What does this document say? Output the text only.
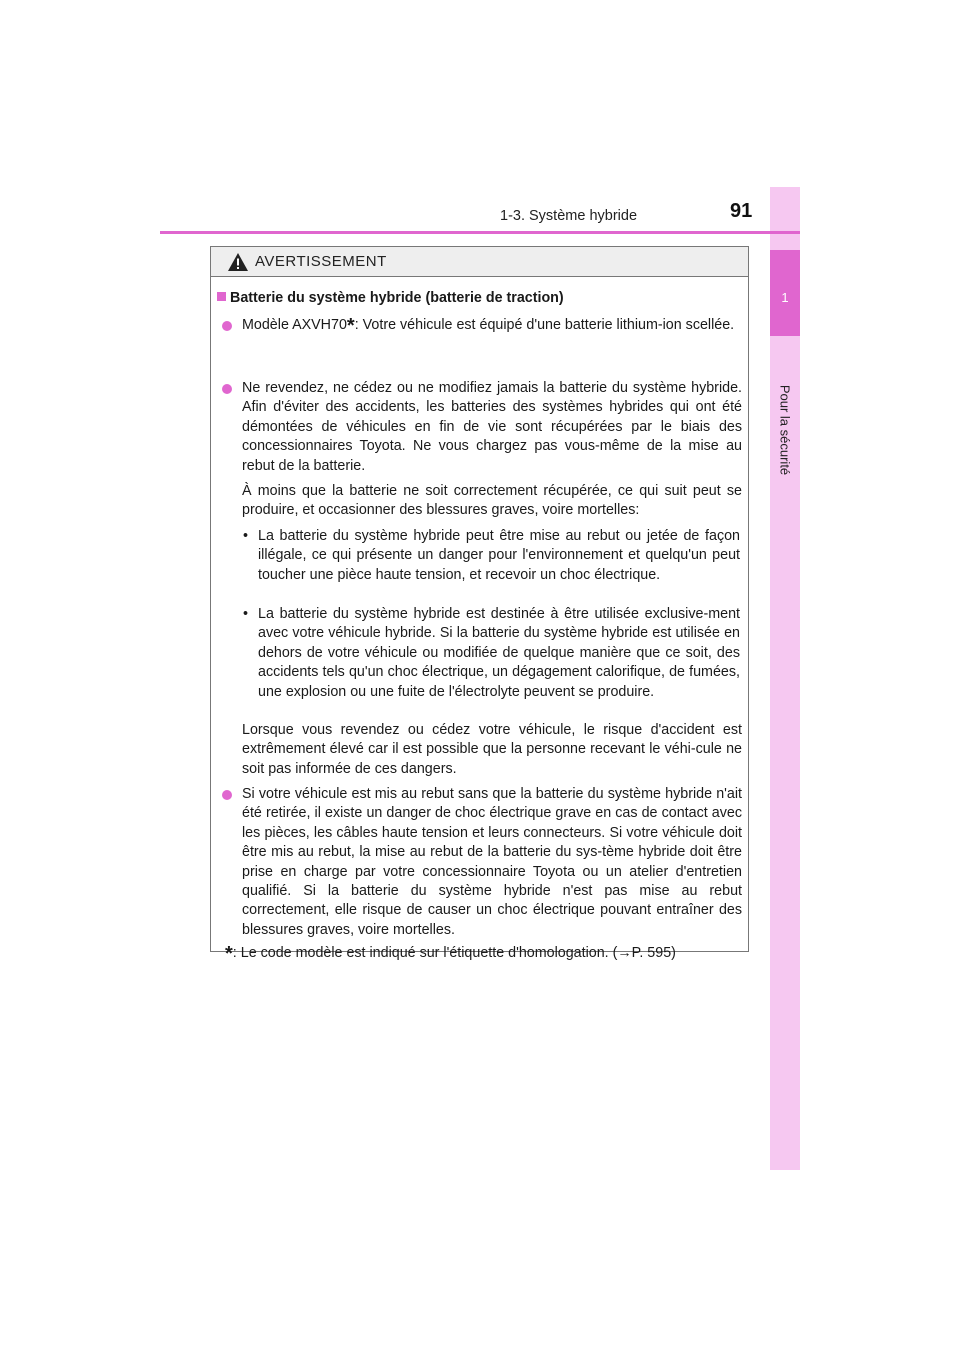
1
Pour la sécurité
1-3. Système hybride	91
AVERTISSEMENT

Batterie du système hybride (batterie de traction)

Modèle AXVH70*: Votre véhicule est équipé d'une batterie lithium-ion scellée.

Ne revendez, ne cédez ou ne modifiez jamais la batterie du système hybride. Afin d'éviter des accidents, les batteries des systèmes hybrides qui ont été démontées de véhicules en fin de vie sont récupérées par le biais des concessionnaires Toyota. Ne vous chargez pas vous-même de la mise au rebut de la batterie.

À moins que la batterie ne soit correctement récupérée, ce qui suit peut se produire, et occasionner des blessures graves, voire mortelles:

• La batterie du système hybride peut être mise au rebut ou jetée de façon illégale, ce qui présente un danger pour l'environnement et quelqu'un peut toucher une pièce haute tension, et recevoir un choc électrique.

• La batterie du système hybride est destinée à être utilisée exclusive-ment avec votre véhicule hybride. Si la batterie du système hybride est utilisée en dehors de votre véhicule ou modifiée de quelque manière que ce soit, des accidents tels qu'un choc électrique, un dégagement calorifique, de fumées, une explosion ou une fuite de l'électrolyte peuvent se produire.

Lorsque vous revendez ou cédez votre véhicule, le risque d'accident est extrêmement élevé car il est possible que la personne recevant le véhi-cule ne soit pas informée de ces dangers.

Si votre véhicule est mis au rebut sans que la batterie du système hybride n'ait été retirée, il existe un danger de choc électrique grave en cas de contact avec les pièces, les câbles haute tension et leurs connecteurs. Si votre véhicule doit être mis au rebut, la mise au rebut de la batterie du sys-tème hybride doit être prise en charge par votre concessionnaire Toyota ou un atelier d'entretien qualifié. Si la batterie du système hybride n'est pas mise au rebut correctement, elle risque de causer un choc électrique pouvant entraîner des blessures graves, voire mortelles.

*: Le code modèle est indiqué sur l'étiquette d'homologation. (→P. 595)
